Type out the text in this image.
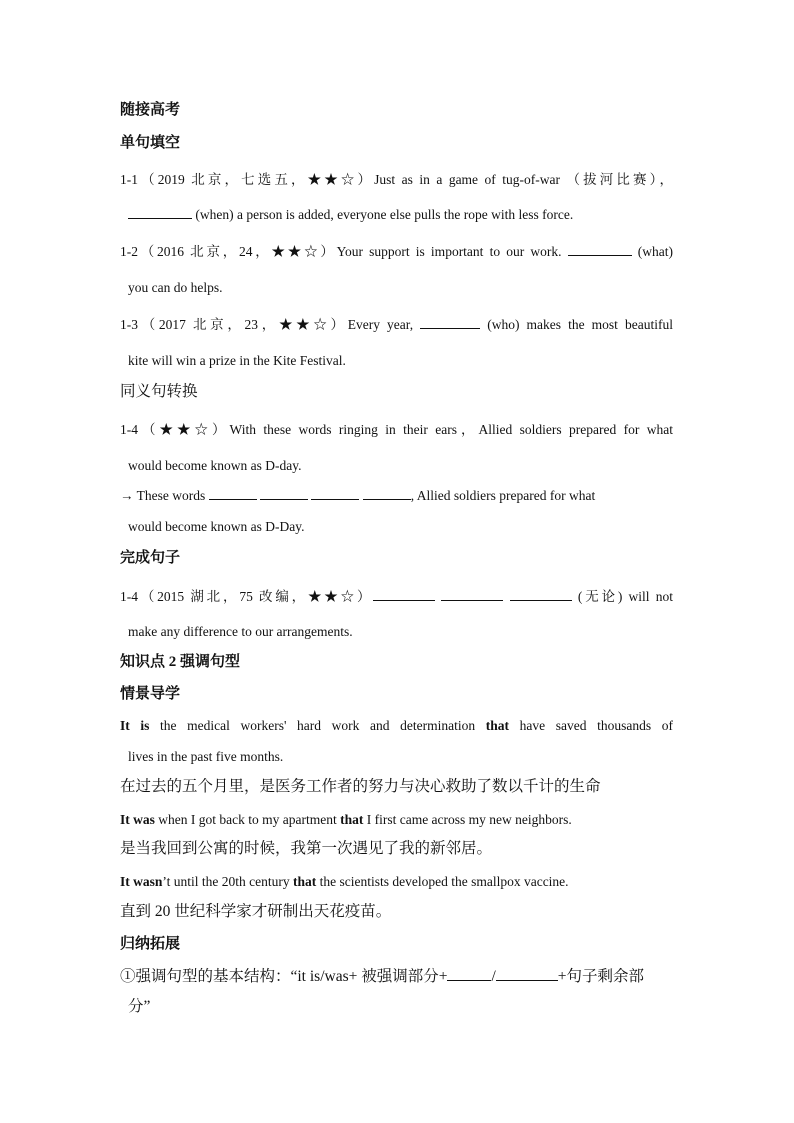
随接高考
单句填空
1-1（2019 北京，七选五，★★☆）Just as in a game of tug-of-war （拔河比赛），
(when) a person is added, everyone else pulls the rope with less force.
1-2（2016 北京，24，★★☆）Your support is important to our work.	(what)
you can do helps.
1-3（2017 北京，23，★★☆）Every year,	(who) makes the most beautiful
kite will win a prize in the Kite Festival.
同义句转换
1-4（★★☆）With these words ringing in their ears，Allied soldiers prepared for what
would become known as D-day.
→ These words	, Allied soldiers prepared for what
would become known as D-Day.
完成句子
1-4（2015 湖北，75 改编，★★☆）	(无论) will not
make any difference to our arrangements.
知识点 2 强调句型
情景导学
It is the medical workers' hard work and determination that have saved thousands of
lives in the past five months.
在过去的五个月里，是医务工作者的努力与决心救助了数以千计的生命
It was when I got back to my apartment that I first came across my new neighbors.
是当我回到公寓的时候，我第一次遇见了我的新邻居。
It wasn’t until the 20th century that the scientists developed the smallpox vaccine.
直到 20 世纪科学家才研制出天花疫苗。
归纳拓展
①强调句型的基本结构：“it is/was+ 被强调部分+	/	+句子剩余部
分”
